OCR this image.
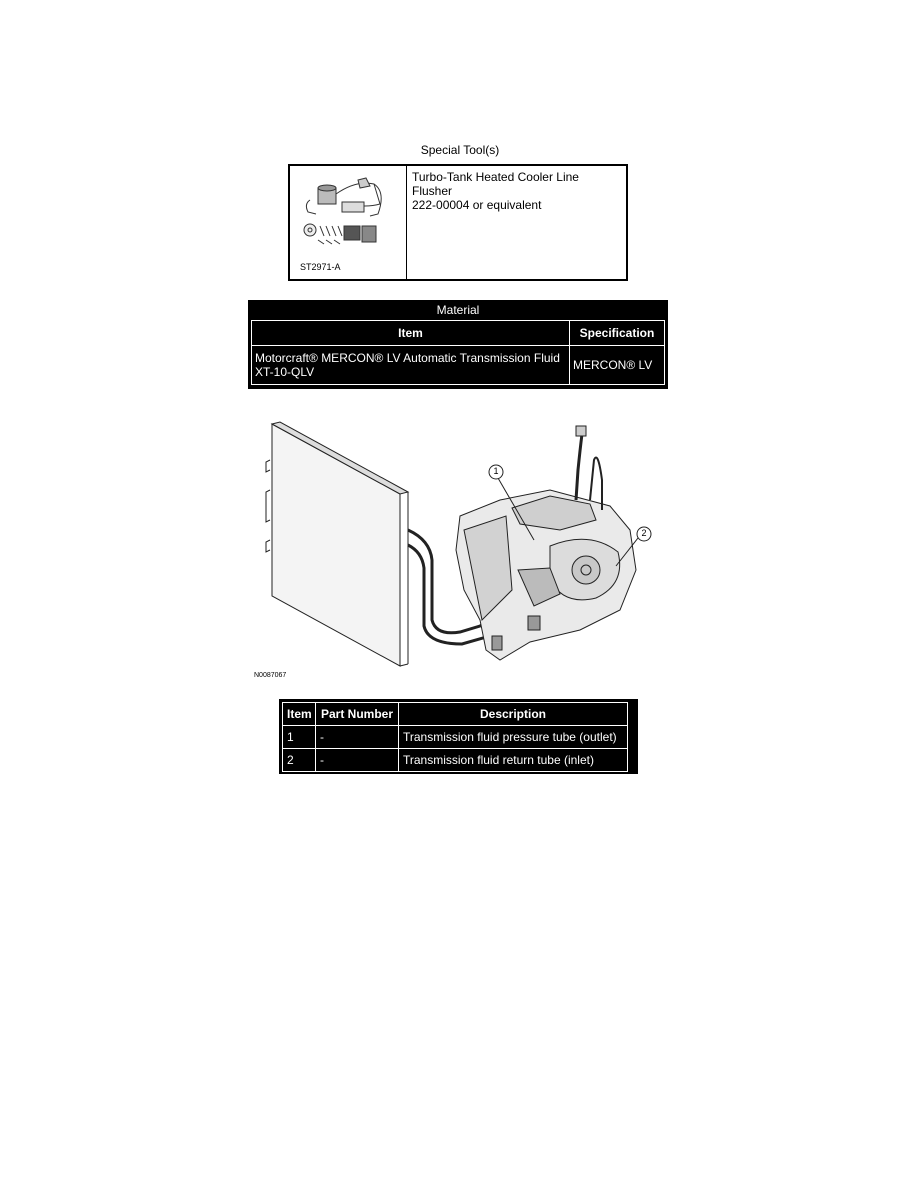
Special Tool(s)
ST2971-A
Turbo-Tank Heated Cooler Line Flusher
222-00004 or equivalent
Material
Item	Specification

Motorcraft® MERCON® LV Automatic Transmission Fluid
XT-10-QLV	MERCON® LV
1
2
N0087067
Item	Part Number	Description
1	-	Transmission fluid pressure tube (outlet)
2	-	Transmission fluid return tube (inlet)
